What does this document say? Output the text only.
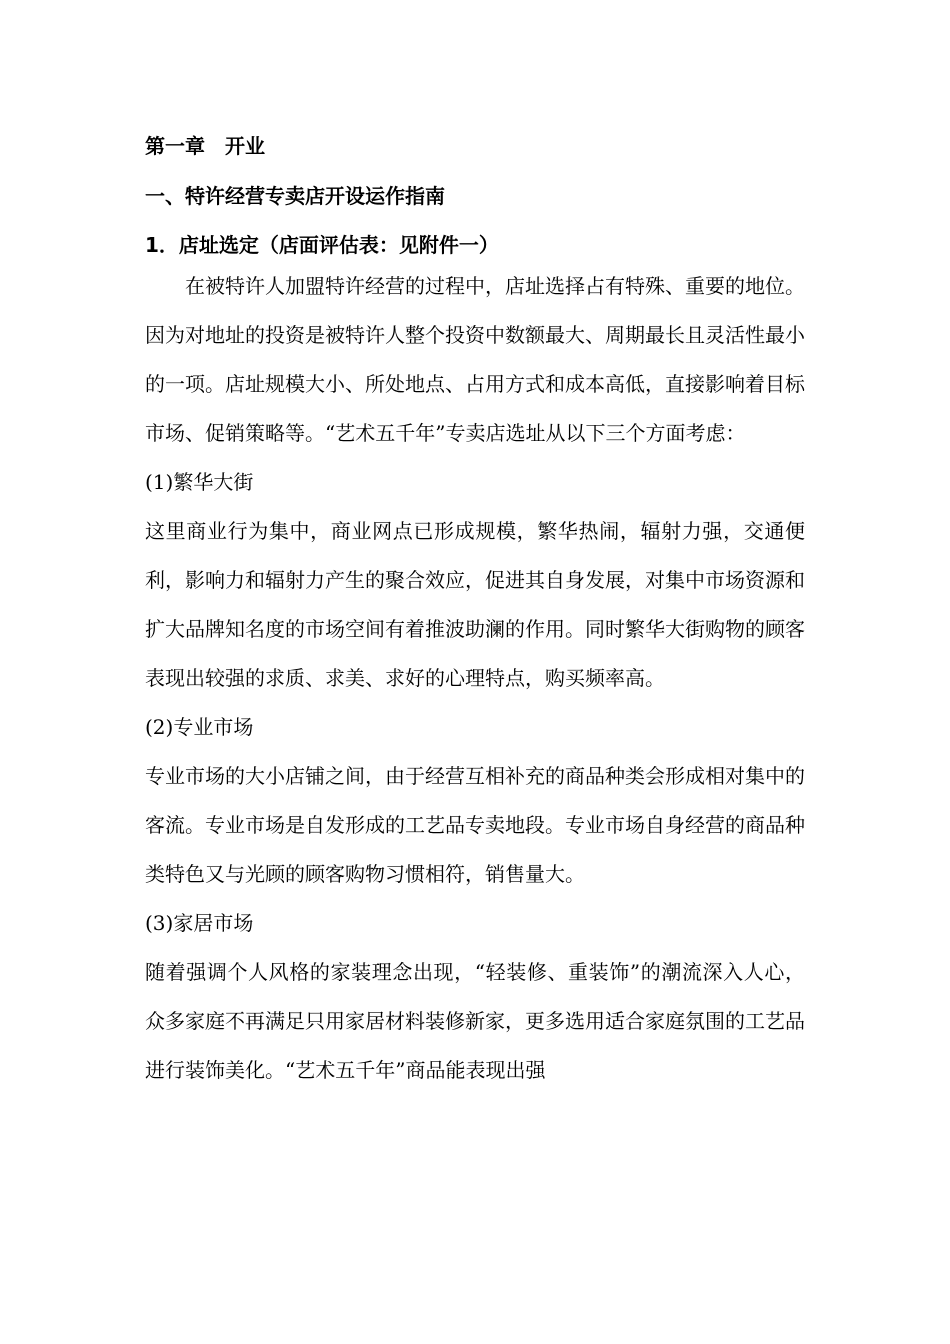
第一章 开业
一、特许经营专卖店开设运作指南
1．店址选定（店面评估表：见附件一）

在被特许人加盟特许经营的过程中，店址选择占有特殊、重要的地位。因为对地址的投资是被特许人整个投资中数额最大、周期最长且灵活性最小的一项。店址规模大小、所处地点、占用方式和成本高低，直接影响着目标市场、促销策略等。“艺术五千年”专卖店选址从以下三个方面考虑：

(1)繁华大街

这里商业行为集中，商业网点已形成规模，繁华热闹，辐射力强，交通便利，影响力和辐射力产生的聚合效应，促进其自身发展，对集中市场资源和扩大品牌知名度的市场空间有着推波助澜的作用。同时繁华大街购物的顾客表现出较强的求质、求美、求好的心理特点，购买频率高。

(2)专业市场

专业市场的大小店铺之间，由于经营互相补充的商品种类会形成相对集中的客流。专业市场是自发形成的工艺品专卖地段。专业市场自身经营的商品种类特色又与光顾的顾客购物习惯相符，销售量大。

(3)家居市场

随着强调个人风格的家装理念出现，“轻装修、重装饰”的潮流深入人心，众多家庭不再满足只用家居材料装修新家，更多选用适合家庭氛围的工艺品进行装饰美化。“艺术五千年”商品能表现出强
